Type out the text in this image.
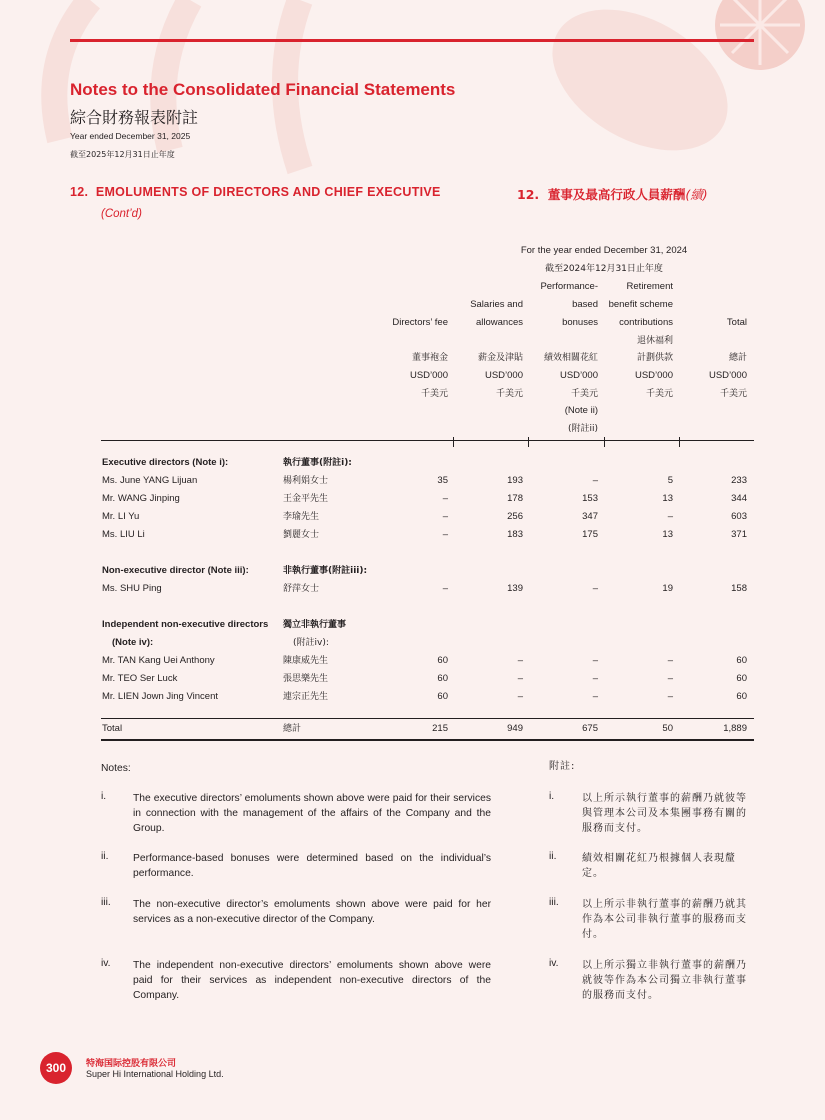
Notes to the Consolidated Financial Statements
綜合財務報表附註
Year ended December 31, 2025
截至2025年12月31日止年度
12. EMOLUMENTS OF DIRECTORS AND CHIEF EXECUTIVE
(Cont’d)
12. 董事及最高行政人員薪酬(續)
For the year ended December 31, 2024
截至2024年12月31日止年度
Directors’ fee
董事袍金
USD’000
千美元
Salaries and
allowances
薪金及津貼
USD’000
千美元
Performance-
based
bonuses
績效相關花紅
USD’000
千美元
(Note ii)
(附註ii)
Retirement
benefit scheme
contributions
退休福利
計劃供款
USD’000
千美元
Total
總計
USD’000
千美元
Executive directors (Note i):	執行董事(附註i):
Ms. June YANG Lijuan	楊利娟女士	35	193	–	5	233
Mr. WANG Jinping	王金平先生	–	178	153	13	344
Mr. LI Yu	李瑜先生	–	256	347	–	603
Ms. LIU Li	劉麗女士	–	183	175	13	371
Non-executive director (Note iii):	非執行董事(附註iii):
Ms. SHU Ping	舒萍女士	–	139	–	19	158
Independent non-executive directors 獨立非執行董事
(Note iv):	(附註iv):
Mr. TAN Kang Uei Anthony	陳康威先生	60	–	–	–	60
Mr. TEO Ser Luck	張思樂先生	60	–	–	–	60
Mr. LIEN Jown Jing Vincent	連宗正先生	60	–	–	–	60
Total	總計	215	949	675	50	1,889
Notes:	附註:
i.	The executive directors’ emoluments shown above were paid for their services in connection with the management of the affairs of the Company and the Group.
i.	以上所示執行董事的薪酬乃就彼等與管理本公司及本集團事務有關的服務而支付。
ii. Performance-based bonuses were determined based on the individual’s performance.
ii.	績效相關花紅乃根據個人表現釐定。
iii. The non-executive director’s emoluments shown above were paid for her services as a non-executive director of the Company.
iii. 以上所示非執行董事的薪酬乃就其作為本公司非執行董事的服務而支付。
iv. The independent non-executive directors’ emoluments shown above were paid for their services as independent non-executive directors of the Company.
iv. 以上所示獨立非執行董事的薪酬乃就彼等作為本公司獨立非執行董事的服務而支付。
300	特海国际控股有限公司
Super Hi International Holding Ltd.
